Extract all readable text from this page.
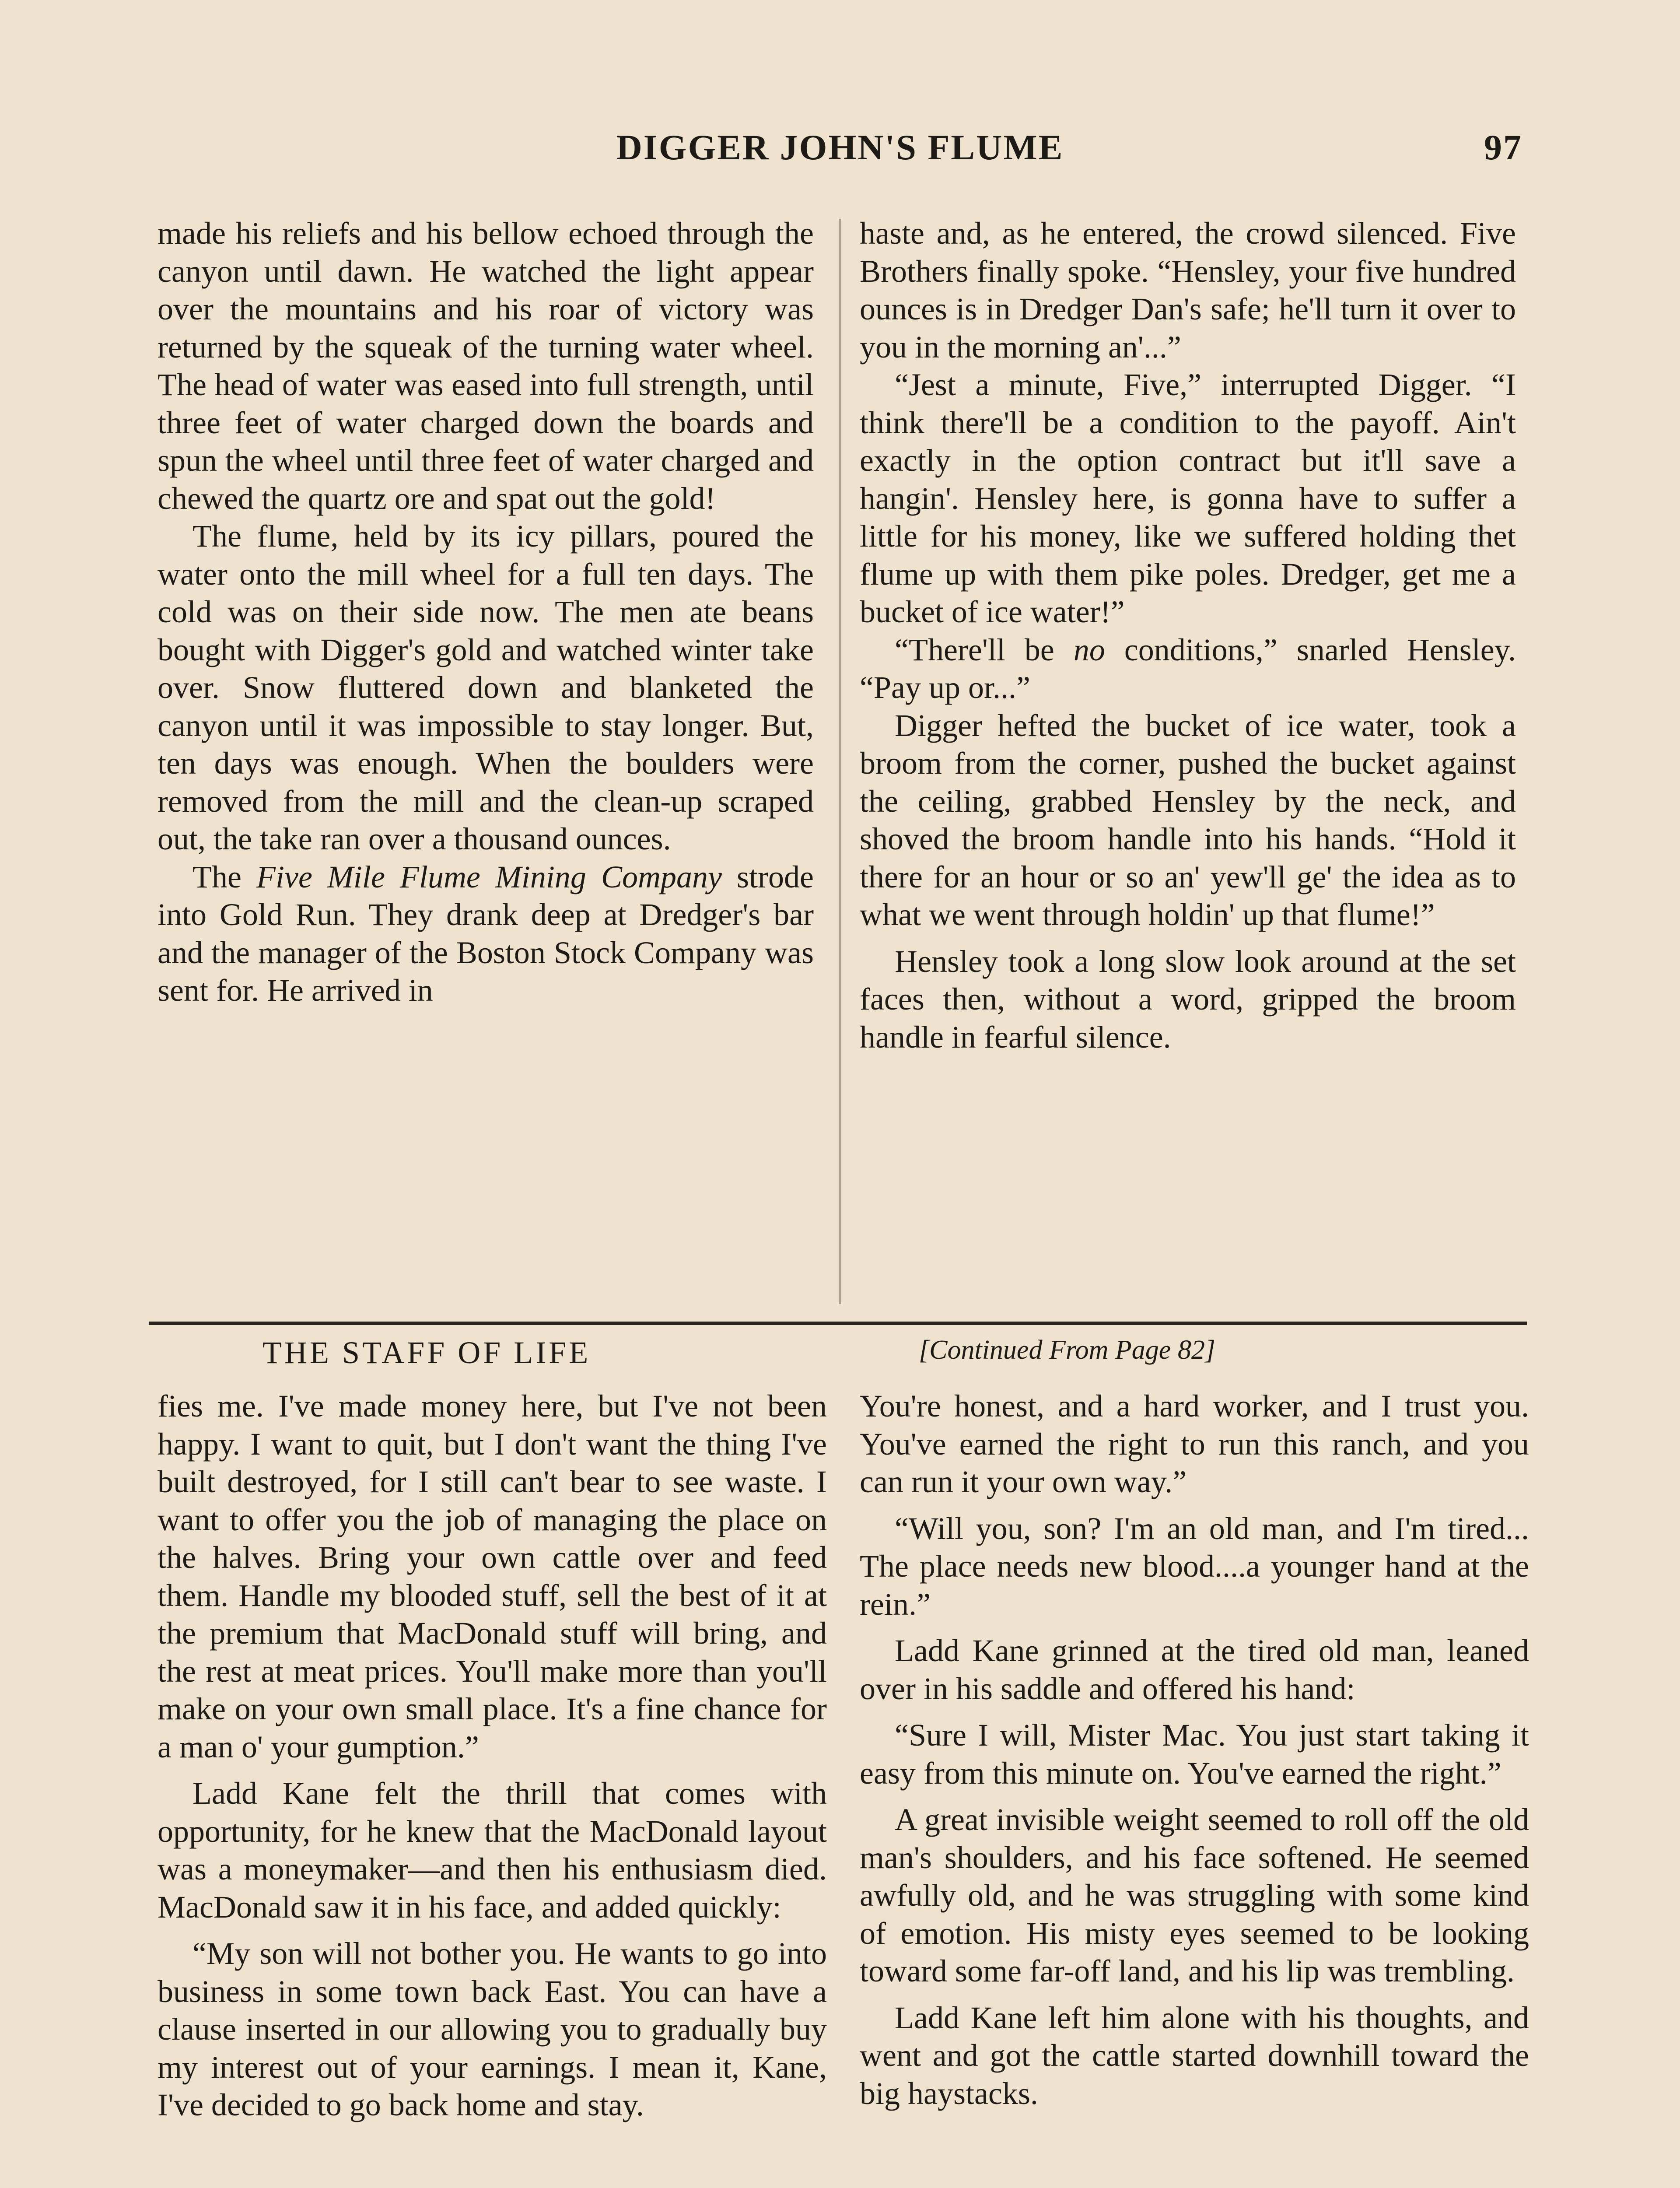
DIGGER JOHN'S FLUME	97

made his reliefs and his bellow echoed through the canyon until dawn. He watched the light appear over the mountains and his roar of victory was returned by the squeak of the turning water wheel. The head of water was eased into full strength, until three feet of water charged down the boards and spun the wheel until three feet of water charged and chewed the quartz ore and spat out the gold!

The flume, held by its icy pillars, poured the water onto the mill wheel for a full ten days. The cold was on their side now. The men ate beans bought with Digger's gold and watched winter take over. Snow fluttered down and blanketed the canyon until it was impossible to stay longer. But, ten days was enough. When the boulders were removed from the mill and the clean-up scraped out, the take ran over a thousand ounces.

The Five Mile Flume Mining Company strode into Gold Run. They drank deep at Dredger's bar and the manager of the Boston Stock Company was sent for. He arrived in

haste and, as he entered, the crowd silenced. Five Brothers finally spoke. “Hensley, your five hundred ounces is in Dredger Dan's safe; he'll turn it over to you in the morning an'...”

“Jest a minute, Five,” interrupted Digger. “I think there'll be a condition to the payoff. Ain't exactly in the option contract but it'll save a hangin'. Hensley here, is gonna have to suffer a little for his money, like we suffered holding thet flume up with them pike poles. Dredger, get me a bucket of ice water!”

“There'll be no conditions,” snarled Hensley. “Pay up or...”

Digger hefted the bucket of ice water, took a broom from the corner, pushed the bucket against the ceiling, grabbed Hensley by the neck, and shoved the broom handle into his hands. “Hold it there for an hour or so an' yew'll ge' the idea as to what we went through holdin' up that flume!”

Hensley took a long slow look around at the set faces then, without a word, gripped the broom handle in fearful silence.

THE STAFF OF LIFE	[Continued From Page 82]

fies me. I've made money here, but I've not been happy. I want to quit, but I don't want the thing I've built destroyed, for I still can't bear to see waste. I want to offer you the job of managing the place on the halves. Bring your own cattle over and feed them. Handle my blooded stuff, sell the best of it at the premium that MacDonald stuff will bring, and the rest at meat prices. You'll make more than you'll make on your own small place. It's a fine chance for a man o' your gumption.”

Ladd Kane felt the thrill that comes with opportunity, for he knew that the MacDonald layout was a moneymaker—and then his enthusiasm died. MacDonald saw it in his face, and added quickly:

“My son will not bother you. He wants to go into business in some town back East. You can have a clause inserted in our allowing you to gradually buy my interest out of your earnings. I mean it, Kane, I've decided to go back home and stay.

You're honest, and a hard worker, and I trust you. You've earned the right to run this ranch, and you can run it your own way.”

“Will you, son? I'm an old man, and I'm tired... The place needs new blood....a younger hand at the rein.”

Ladd Kane grinned at the tired old man, leaned over in his saddle and offered his hand:

“Sure I will, Mister Mac. You just start taking it easy from this minute on. You've earned the right.”

A great invisible weight seemed to roll off the old man's shoulders, and his face softened. He seemed awfully old, and he was struggling with some kind of emotion. His misty eyes seemed to be looking toward some far-off land, and his lip was trembling.

Ladd Kane left him alone with his thoughts, and went and got the cattle started downhill toward the big haystacks.
